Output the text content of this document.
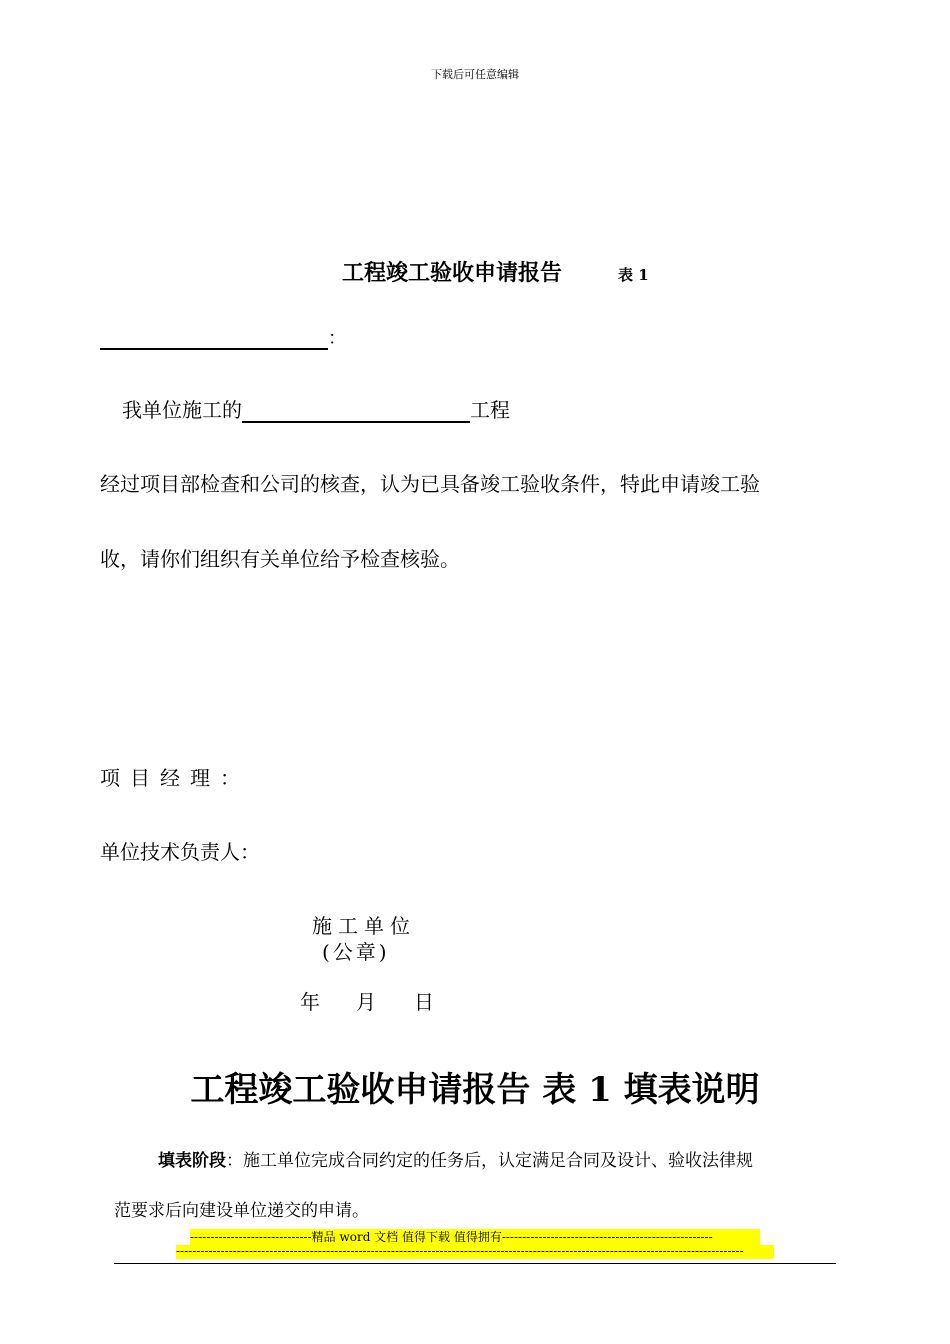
下载后可任意编辑
工程竣工验收申请报告	表 1
：
我单位施工的	工程
经过项目部检查和公司的核查，认为已具备竣工验收条件，特此申请竣工验
收，请你们组织有关单位给予检查核验。
项目经理：
单位技术负责人：
施工单位
(公章)
年 月 日
工程竣工验收申请报告 表 1 填表说明
填表阶段：施工单位完成合同约定的任务后，认定满足合同及设计、验收法律规
范要求后向建设单位递交的申请。
------------------------------精品 word 文档 值得下载 值得拥有----------------------------------------------------
--------------------------------------------------------------------------------------------------------------------------------------------
